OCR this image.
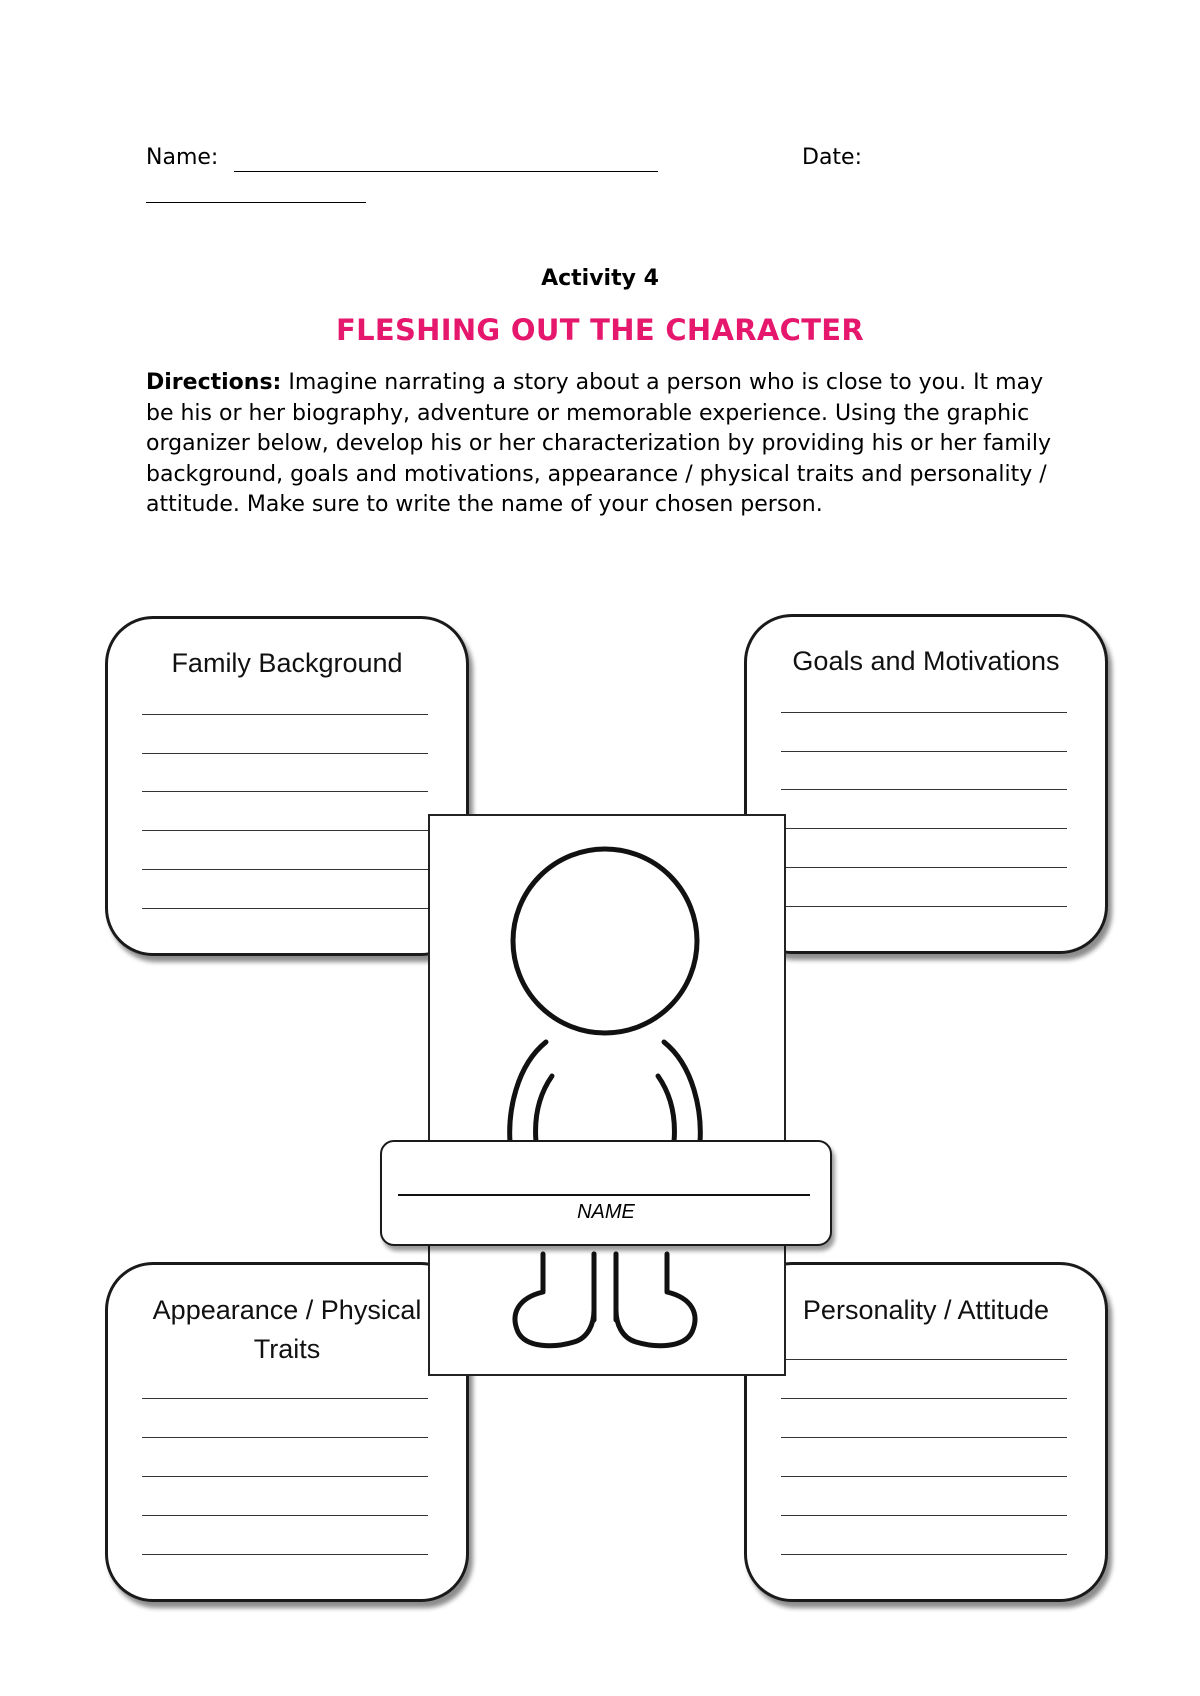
Name:	Date:
Activity 4
FLESHING OUT THE CHARACTER
Directions: Imagine narrating a story about a person who is close to you. It may be his or her biography, adventure or memorable experience. Using the graphic organizer below, develop his or her characterization by providing his or her family background, goals and motivations, appearance / physical traits and personality / attitude. Make sure to write the name of your chosen person.
Family Background	Goals and Motivations
Appearance / Physical
Traits
Personality / Attitude
NAME
